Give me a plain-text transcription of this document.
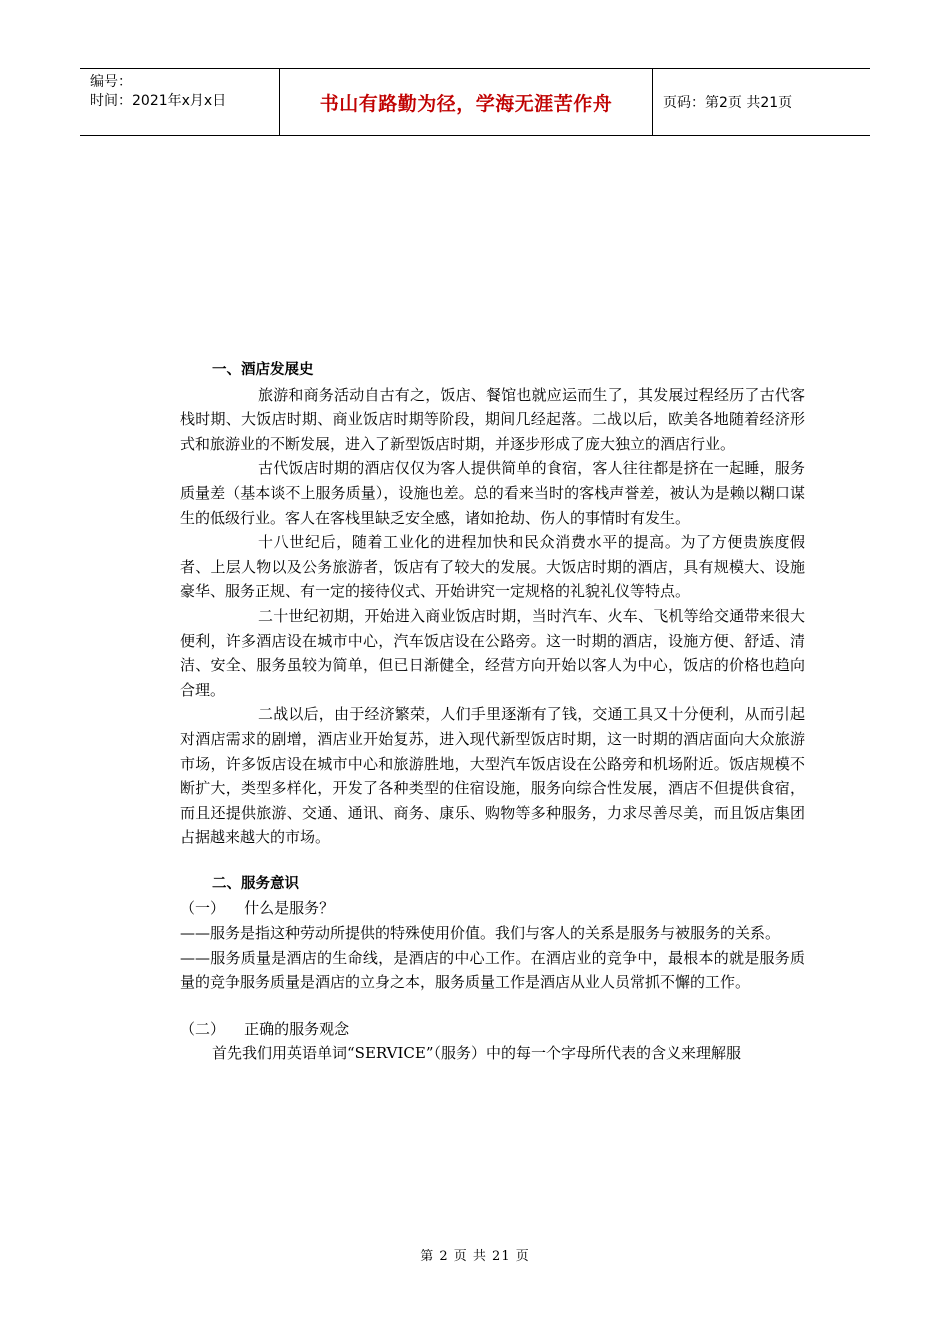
编号：
时间：2021年x月x日	书山有路勤为径，学海无涯苦作舟	页码：第2页 共21页
一、酒店发展史

旅游和商务活动自古有之，饭店、餐馆也就应运而生了，其发展过程经历了古代客栈时期、大饭店时期、商业饭店时期等阶段，期间几经起落。二战以后，欧美各地随着经济形式和旅游业的不断发展，进入了新型饭店时期，并逐步形成了庞大独立的酒店行业。

古代饭店时期的酒店仅仅为客人提供简单的食宿，客人往往都是挤在一起睡，服务质量差（基本谈不上服务质量），设施也差。总的看来当时的客栈声誉差，被认为是赖以糊口谋生的低级行业。客人在客栈里缺乏安全感，诸如抢劫、伤人的事情时有发生。

十八世纪后，随着工业化的进程加快和民众消费水平的提高。为了方便贵族度假者、上层人物以及公务旅游者，饭店有了较大的发展。大饭店时期的酒店，具有规模大、设施豪华、服务正规、有一定的接待仪式、开始讲究一定规格的礼貌礼仪等特点。

二十世纪初期，开始进入商业饭店时期，当时汽车、火车、飞机等给交通带来很大便利，许多酒店设在城市中心，汽车饭店设在公路旁。这一时期的酒店，设施方便、舒适、清洁、安全、服务虽较为简单，但已日渐健全，经营方向开始以客人为中心，饭店的价格也趋向合理。

二战以后，由于经济繁荣，人们手里逐渐有了钱，交通工具又十分便利，从而引起对酒店需求的剧增，酒店业开始复苏，进入现代新型饭店时期，这一时期的酒店面向大众旅游市场，许多饭店设在城市中心和旅游胜地，大型汽车饭店设在公路旁和机场附近。饭店规模不断扩大，类型多样化，开发了各种类型的住宿设施，服务向综合性发展，酒店不但提供食宿，而且还提供旅游、交通、通讯、商务、康乐、购物等多种服务，力求尽善尽美，而且饭店集团占据越来越大的市场。

二、服务意识

（一）    什么是服务？

——服务是指这种劳动所提供的特殊使用价值。我们与客人的关系是服务与被服务的关系。

——服务质量是酒店的生命线，是酒店的中心工作。在酒店业的竞争中，最根本的就是服务质量的竞争服务质量是酒店的立身之本，服务质量工作是酒店从业人员常抓不懈的工作。

（二）    正确的服务观念

首先我们用英语单词“SERVICE”（服务）中的每一个字母所代表的含义来理解服

第 2 页 共 21 页
